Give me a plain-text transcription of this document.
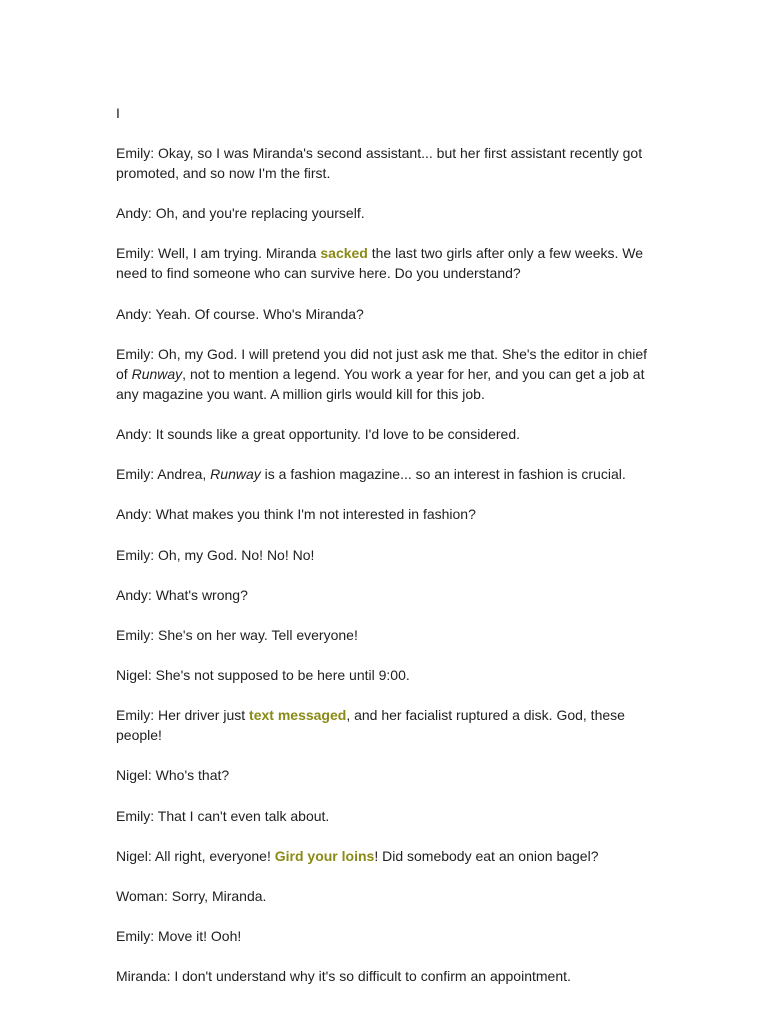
I
Emily: Okay, so I was Miranda's second assistant... but her first assistant recently got promoted, and so now I'm the first.
Andy: Oh, and you're replacing yourself.
Emily: Well, I am trying. Miranda sacked the last two girls after only a few weeks. We need to find someone who can survive here. Do you understand?
Andy: Yeah. Of course. Who's Miranda?
Emily: Oh, my God. I will pretend you did not just ask me that. She's the editor in chief of Runway, not to mention a legend. You work a year for her, and you can get a job at any magazine you want. A million girls would kill for this job.
Andy: It sounds like a great opportunity. I'd love to be considered.
Emily: Andrea, Runway is a fashion magazine... so an interest in fashion is crucial.
Andy: What makes you think I'm not interested in fashion?
Emily: Oh, my God. No! No! No!
Andy: What's wrong?
Emily: She's on her way. Tell everyone!
Nigel: She's not supposed to be here until 9:00.
Emily: Her driver just text messaged, and her facialist ruptured a disk. God, these people!
Nigel: Who's that?
Emily: That I can't even talk about.
Nigel: All right, everyone! Gird your loins! Did somebody eat an onion bagel?
Woman: Sorry, Miranda.
Emily: Move it! Ooh!
Miranda: I don't understand why it's so difficult to confirm an appointment.
